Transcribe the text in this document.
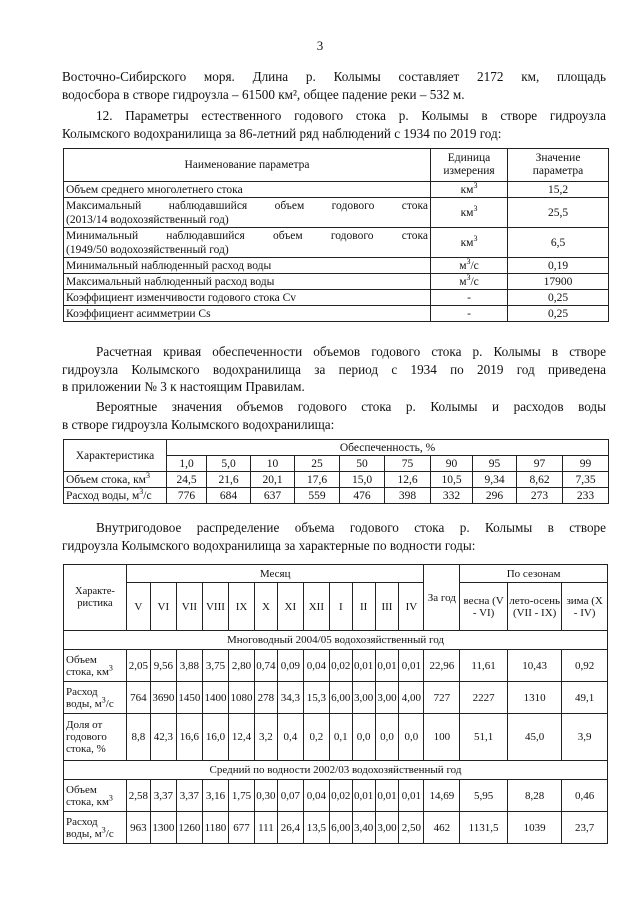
3
Восточно-Сибирского моря. Длина р. Колымы составляет 2172 км, площадь
водосбора в створе гидроузла – 61500 км², общее падение реки – 532 м.
12. Параметры естественного годового стока р. Колымы в створе гидроузла
Колымского водохранилища за 86-летний ряд наблюдений с 1934 по 2019 год:
Наименование параметра	Единица измерения	Значение параметра
Объем среднего многолетнего стока	$км^3$	15,2

Максимальный наблюдавшийся объем годового стока
(2013/14 водохозяйственный год)	$км^3$	25,5

Минимальный наблюдавшийся объем годового стока
(1949/50 водохозяйственный год)	$км^3$	6,5
Минимальный наблюденный расход воды	$м^3/с$	0,19
Максимальный наблюденный расход воды	$м^3/с$	17900
Коэффициент изменчивости годового стока Cv	-	0,25
Коэффициент асимметрии Cs	-	0,25
Расчетная кривая обеспеченности объемов годового стока р. Колымы в створе
гидроузла Колымского водохранилища за период с 1934 по 2019 год приведена
в приложении № 3 к настоящим Правилам.
Вероятные значения объемов годового стока р. Колымы и расходов воды
в створе гидроузла Колымского водохранилища:
Характеристика	Обеспеченность, %									
	1,0	5,0	10	25	50	75	90	95	97	99
Объем стока, $км^3$	24,5	21,6	20,1	17,6	15,0	12,6	10,5	9,34	8,62	7,35
Расход воды, $м^3/с$	776	684	637	559	476	398	332	296	273	233
Внутригодовое распределение объема годового стока р. Колымы в створе
гидроузла Колымского водохранилища за характерные по водности годы:
Характе-ристика	Месяц												За год	По сезонам		
	V	VI	VII	VIII	IX	X	XI	XII	I	II	III	IV		весна (V - VI)	лето-осень (VII - IX)	зима (X - IV)
Многоводный 2004/05 водохозяйственный год																
Объем стока, $км^3$	2,05	9,56	3,88	3,75	2,80	0,74	0,09	0,04	0,02	0,01	0,01	0,01	22,96	11,61	10,43	0,92
Расход воды, $м^3/с$	764	3690	1450	1400	1080	278	34,3	15,3	6,00	3,00	3,00	4,00	727	2227	1310	49,1
Доля от годового стока, %	8,8	42,3	16,6	16,0	12,4	3,2	0,4	0,2	0,1	0,0	0,0	0,0	100	51,1	45,0	3,9
Средний по водности 2002/03 водохозяйственный год																
Объем стока, $км^3$	2,58	3,37	3,37	3,16	1,75	0,30	0,07	0,04	0,02	0,01	0,01	0,01	14,69	5,95	8,28	0,46
Расход воды, $м^3/с$	963	1300	1260	1180	677	111	26,4	13,5	6,00	3,40	3,00	2,50	462	1131,5	1039	23,7
